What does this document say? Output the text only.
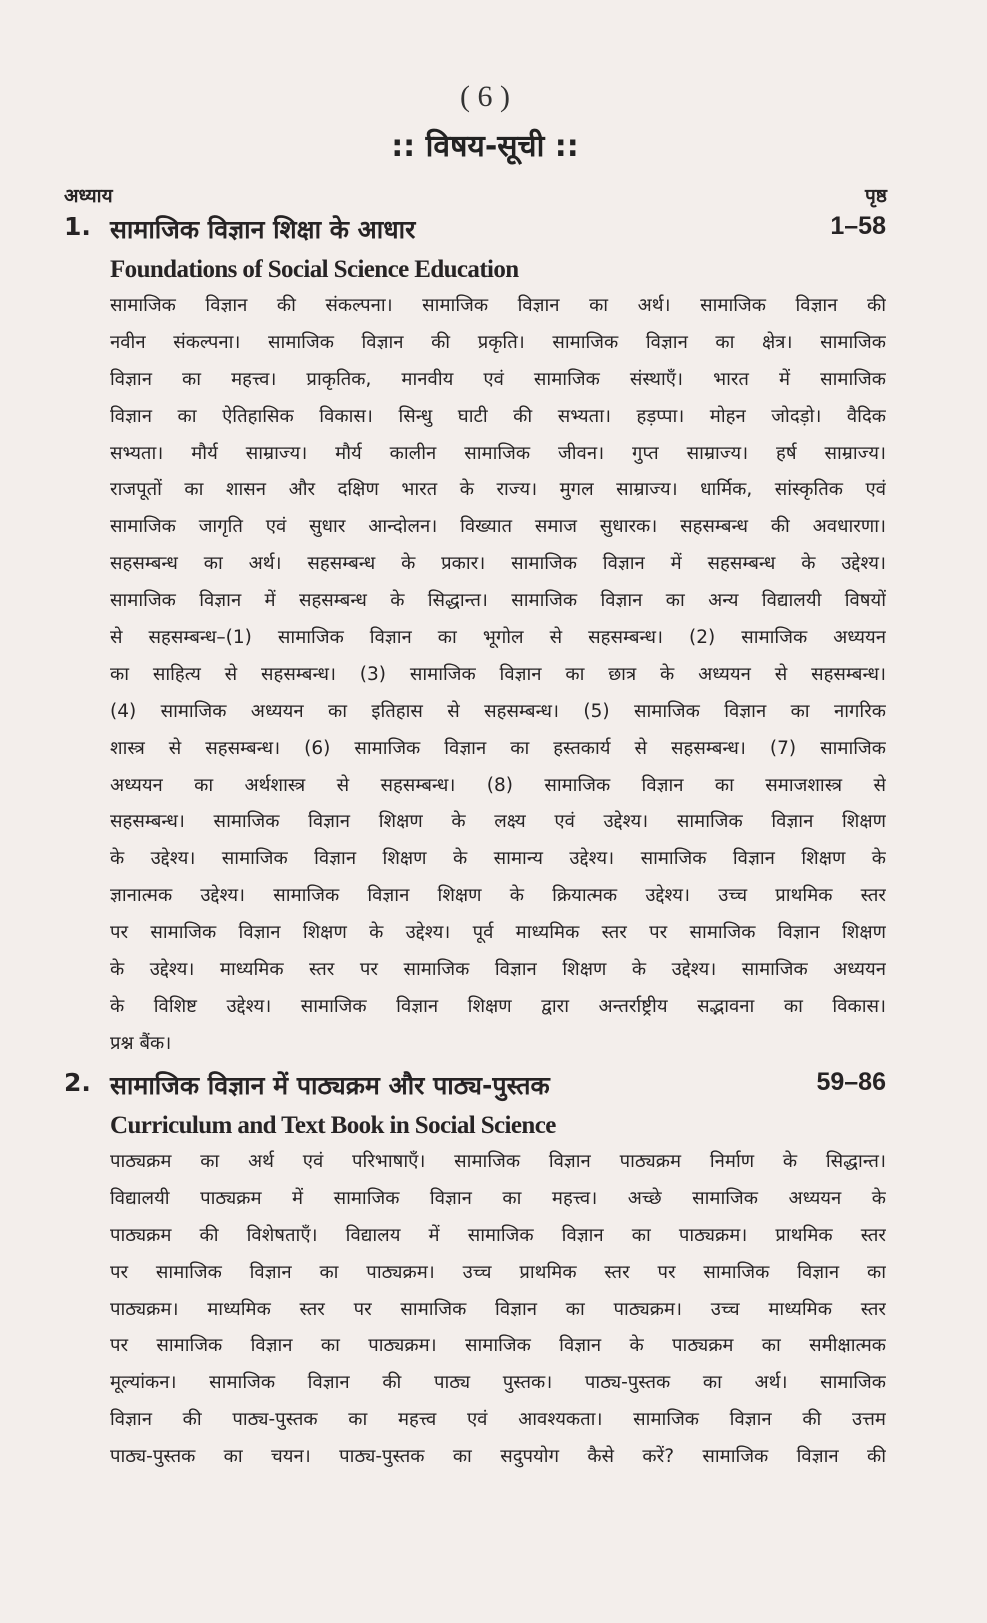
( 6 )
:: विषय-सूची ::
अध्याय	पृष्ठ
1. सामाजिक विज्ञान शिक्षा के आधार	1–58
Foundations of Social Science Education
सामाजिक विज्ञान की संकल्पना। सामाजिक विज्ञान का अर्थ। सामाजिक विज्ञान की
नवीन संकल्पना। सामाजिक विज्ञान की प्रकृति। सामाजिक विज्ञान का क्षेत्र। सामाजिक
विज्ञान का महत्त्व। प्राकृतिक, मानवीय एवं सामाजिक संस्थाएँ। भारत में सामाजिक
विज्ञान का ऐतिहासिक विकास। सिन्धु घाटी की सभ्यता। हड़प्पा। मोहन जोदड़ो। वैदिक
सभ्यता। मौर्य साम्राज्य। मौर्य कालीन सामाजिक जीवन। गुप्त साम्राज्य। हर्ष साम्राज्य।
राजपूतों का शासन और दक्षिण भारत के राज्य। मुगल साम्राज्य। धार्मिक, सांस्कृतिक एवं
सामाजिक जागृति एवं सुधार आन्दोलन। विख्यात समाज सुधारक। सहसम्बन्ध की अवधारणा।
सहसम्बन्ध का अर्थ। सहसम्बन्ध के प्रकार। सामाजिक विज्ञान में सहसम्बन्ध के उद्देश्य।
सामाजिक विज्ञान में सहसम्बन्ध के सिद्धान्त। सामाजिक विज्ञान का अन्य विद्यालयी विषयों
से सहसम्बन्ध–(1) सामाजिक विज्ञान का भूगोल से सहसम्बन्ध। (2) सामाजिक अध्ययन
का साहित्य से सहसम्बन्ध। (3) सामाजिक विज्ञान का छात्र के अध्ययन से सहसम्बन्ध।
(4) सामाजिक अध्ययन का इतिहास से सहसम्बन्ध। (5) सामाजिक विज्ञान का नागरिक
शास्त्र से सहसम्बन्ध। (6) सामाजिक विज्ञान का हस्तकार्य से सहसम्बन्ध। (7) सामाजिक
अध्ययन का अर्थशास्त्र से सहसम्बन्ध। (8) सामाजिक विज्ञान का समाजशास्त्र से
सहसम्बन्ध। सामाजिक विज्ञान शिक्षण के लक्ष्य एवं उद्देश्य। सामाजिक विज्ञान शिक्षण
के उद्देश्य। सामाजिक विज्ञान शिक्षण के सामान्य उद्देश्य। सामाजिक विज्ञान शिक्षण के
ज्ञानात्मक उद्देश्य। सामाजिक विज्ञान शिक्षण के क्रियात्मक उद्देश्य। उच्च प्राथमिक स्तर
पर सामाजिक विज्ञान शिक्षण के उद्देश्य। पूर्व माध्यमिक स्तर पर सामाजिक विज्ञान शिक्षण
के उद्देश्य। माध्यमिक स्तर पर सामाजिक विज्ञान शिक्षण के उद्देश्य। सामाजिक अध्ययन
के विशिष्ट उद्देश्य। सामाजिक विज्ञान शिक्षण द्वारा अन्तर्राष्ट्रीय सद्भावना का विकास।
प्रश्न बैंक।
2. सामाजिक विज्ञान में पाठ्यक्रम और पाठ्य-पुस्तक	59–86
Curriculum and Text Book in Social Science
पाठ्यक्रम का अर्थ एवं परिभाषाएँ। सामाजिक विज्ञान पाठ्यक्रम निर्माण के सिद्धान्त।
विद्यालयी पाठ्यक्रम में सामाजिक विज्ञान का महत्त्व। अच्छे सामाजिक अध्ययन के
पाठ्यक्रम की विशेषताएँ। विद्यालय में सामाजिक विज्ञान का पाठ्यक्रम। प्राथमिक स्तर
पर सामाजिक विज्ञान का पाठ्यक्रम। उच्च प्राथमिक स्तर पर सामाजिक विज्ञान का
पाठ्यक्रम। माध्यमिक स्तर पर सामाजिक विज्ञान का पाठ्यक्रम। उच्च माध्यमिक स्तर
पर सामाजिक विज्ञान का पाठ्यक्रम। सामाजिक विज्ञान के पाठ्यक्रम का समीक्षात्मक
मूल्यांकन। सामाजिक विज्ञान की पाठ्य पुस्तक। पाठ्य-पुस्तक का अर्थ। सामाजिक
विज्ञान की पाठ्य-पुस्तक का महत्त्व एवं आवश्यकता। सामाजिक विज्ञान की उत्तम
पाठ्य-पुस्तक का चयन। पाठ्य-पुस्तक का सदुपयोग कैसे करें? सामाजिक विज्ञान की
